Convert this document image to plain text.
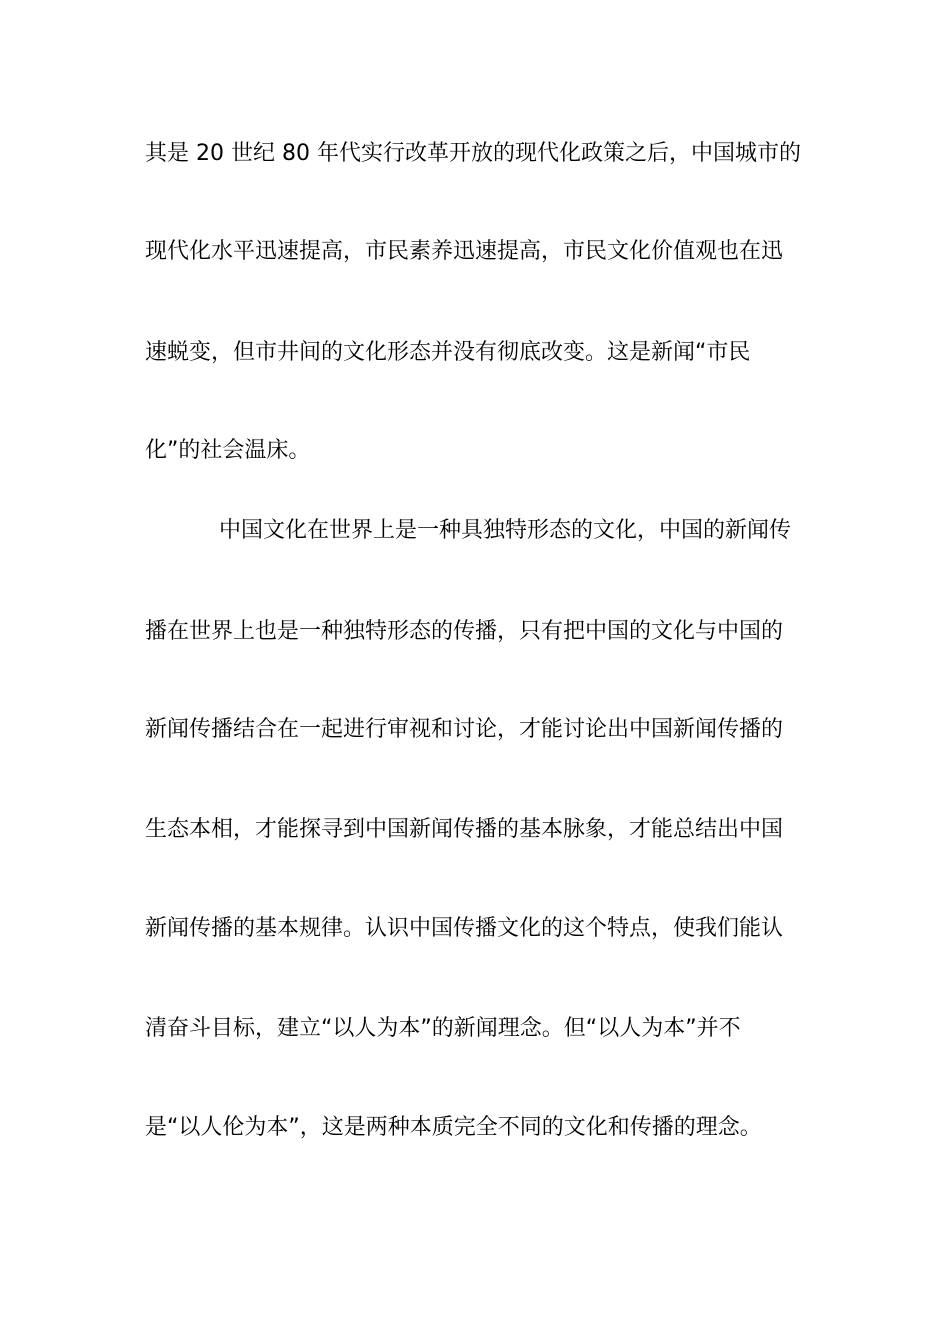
其是 20 世纪 80 年代实行改革开放的现代化政策之后，中国城市的
现代化水平迅速提高，市民素养迅速提高，市民文化价值观也在迅
速蜕变，但市井间的文化形态并没有彻底改变。这是新闻“市民
化”的社会温床。
中国文化在世界上是一种具独特形态的文化，中国的新闻传
播在世界上也是一种独特形态的传播，只有把中国的文化与中国的
新闻传播结合在一起进行审视和讨论，才能讨论出中国新闻传播的
生态本相，才能探寻到中国新闻传播的基本脉象，才能总结出中国
新闻传播的基本规律。认识中国传播文化的这个特点，使我们能认
清奋斗目标，建立“以人为本”的新闻理念。但“以人为本”并不
是“以人伦为本”，这是两种本质完全不同的文化和传播的理念。
